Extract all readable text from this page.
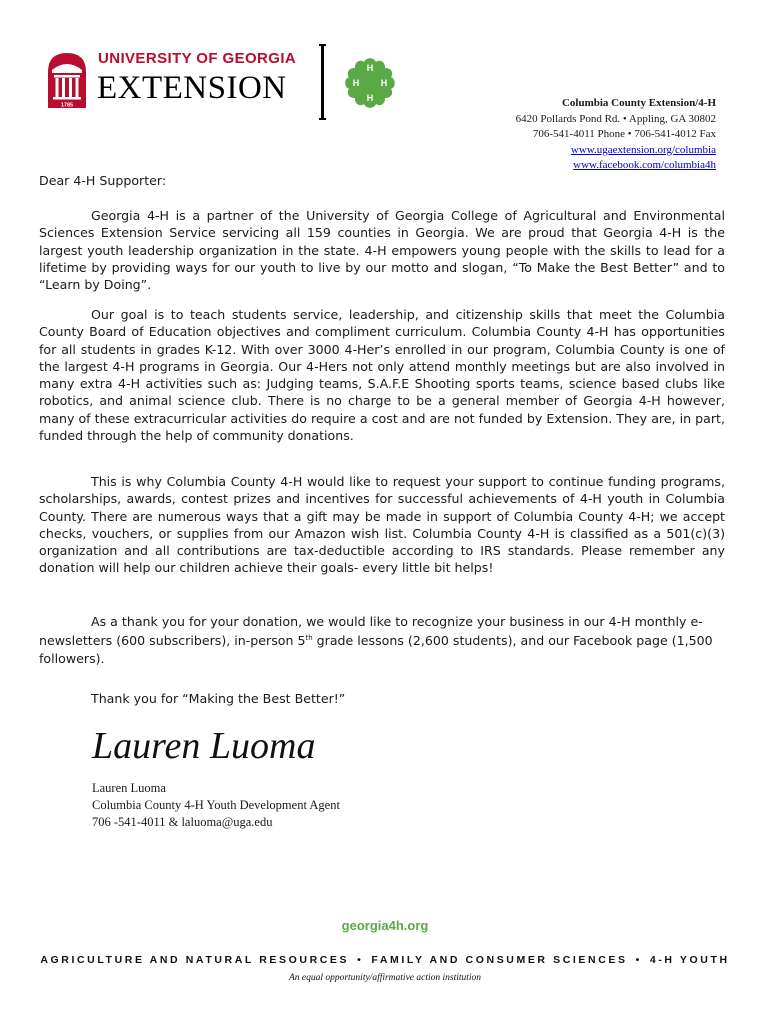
1785
UNIVERSITY OF GEORGIA
EXTENSION
H
H
H
H
Columbia County Extension/4-H
6420 Pollards Pond Rd. • Appling, GA 30802
706-541-4011 Phone • 706-541-4012 Fax
www.ugaextension.org/columbia
www.facebook.com/columbia4h
Dear 4-H Supporter:

Georgia 4-H is a partner of the University of Georgia College of Agricultural and Environmental Sciences Extension Service servicing all 159 counties in Georgia. We are proud that Georgia 4-H is the largest youth leadership organization in the state. 4-H empowers young people with the skills to lead for a lifetime by providing ways for our youth to live by our motto and slogan, “To Make the Best Better” and to “Learn by Doing”.

Our goal is to teach students service, leadership, and citizenship skills that meet the Columbia County Board of Education objectives and compliment curriculum. Columbia County 4-H has opportunities for all students in grades K-12. With over 3000 4-Her’s enrolled in our program, Columbia County is one of the largest 4-H programs in Georgia. Our 4-Hers not only attend monthly meetings but are also involved in many extra 4-H activities such as: Judging teams, S.A.F.E Shooting sports teams, science based clubs like robotics, and animal science club. There is no charge to be a general member of Georgia 4-H however, many of these extracurricular activities do require a cost and are not funded by Extension. They are, in part, funded through the help of community donations.

This is why Columbia County 4-H would like to request your support to continue funding programs, scholarships, awards, contest prizes and incentives for successful achievements of 4-H youth in Columbia County. There are numerous ways that a gift may be made in support of Columbia County 4-H; we accept checks, vouchers, or supplies from our Amazon wish list. Columbia County 4-H is classified as a 501(c)(3) organization and all contributions are tax-deductible according to IRS standards. Please remember any donation will help our children achieve their goals- every little bit helps!

As a thank you for your donation, we would like to recognize your business in our 4-H monthly e-newsletters (600 subscribers), in-person 5th grade lessons (2,600 students), and our Facebook page (1,500 followers).

Thank you for “Making the Best Better!”
Lauren Luoma
Lauren Luoma
Columbia County 4-H Youth Development Agent
706 -541-4011 & laluoma@uga.edu
georgia4h.org
AGRICULTURE AND NATURAL RESOURCES • FAMILY AND CONSUMER SCIENCES • 4-H YOUTH
An equal opportunity/affirmative action institution
